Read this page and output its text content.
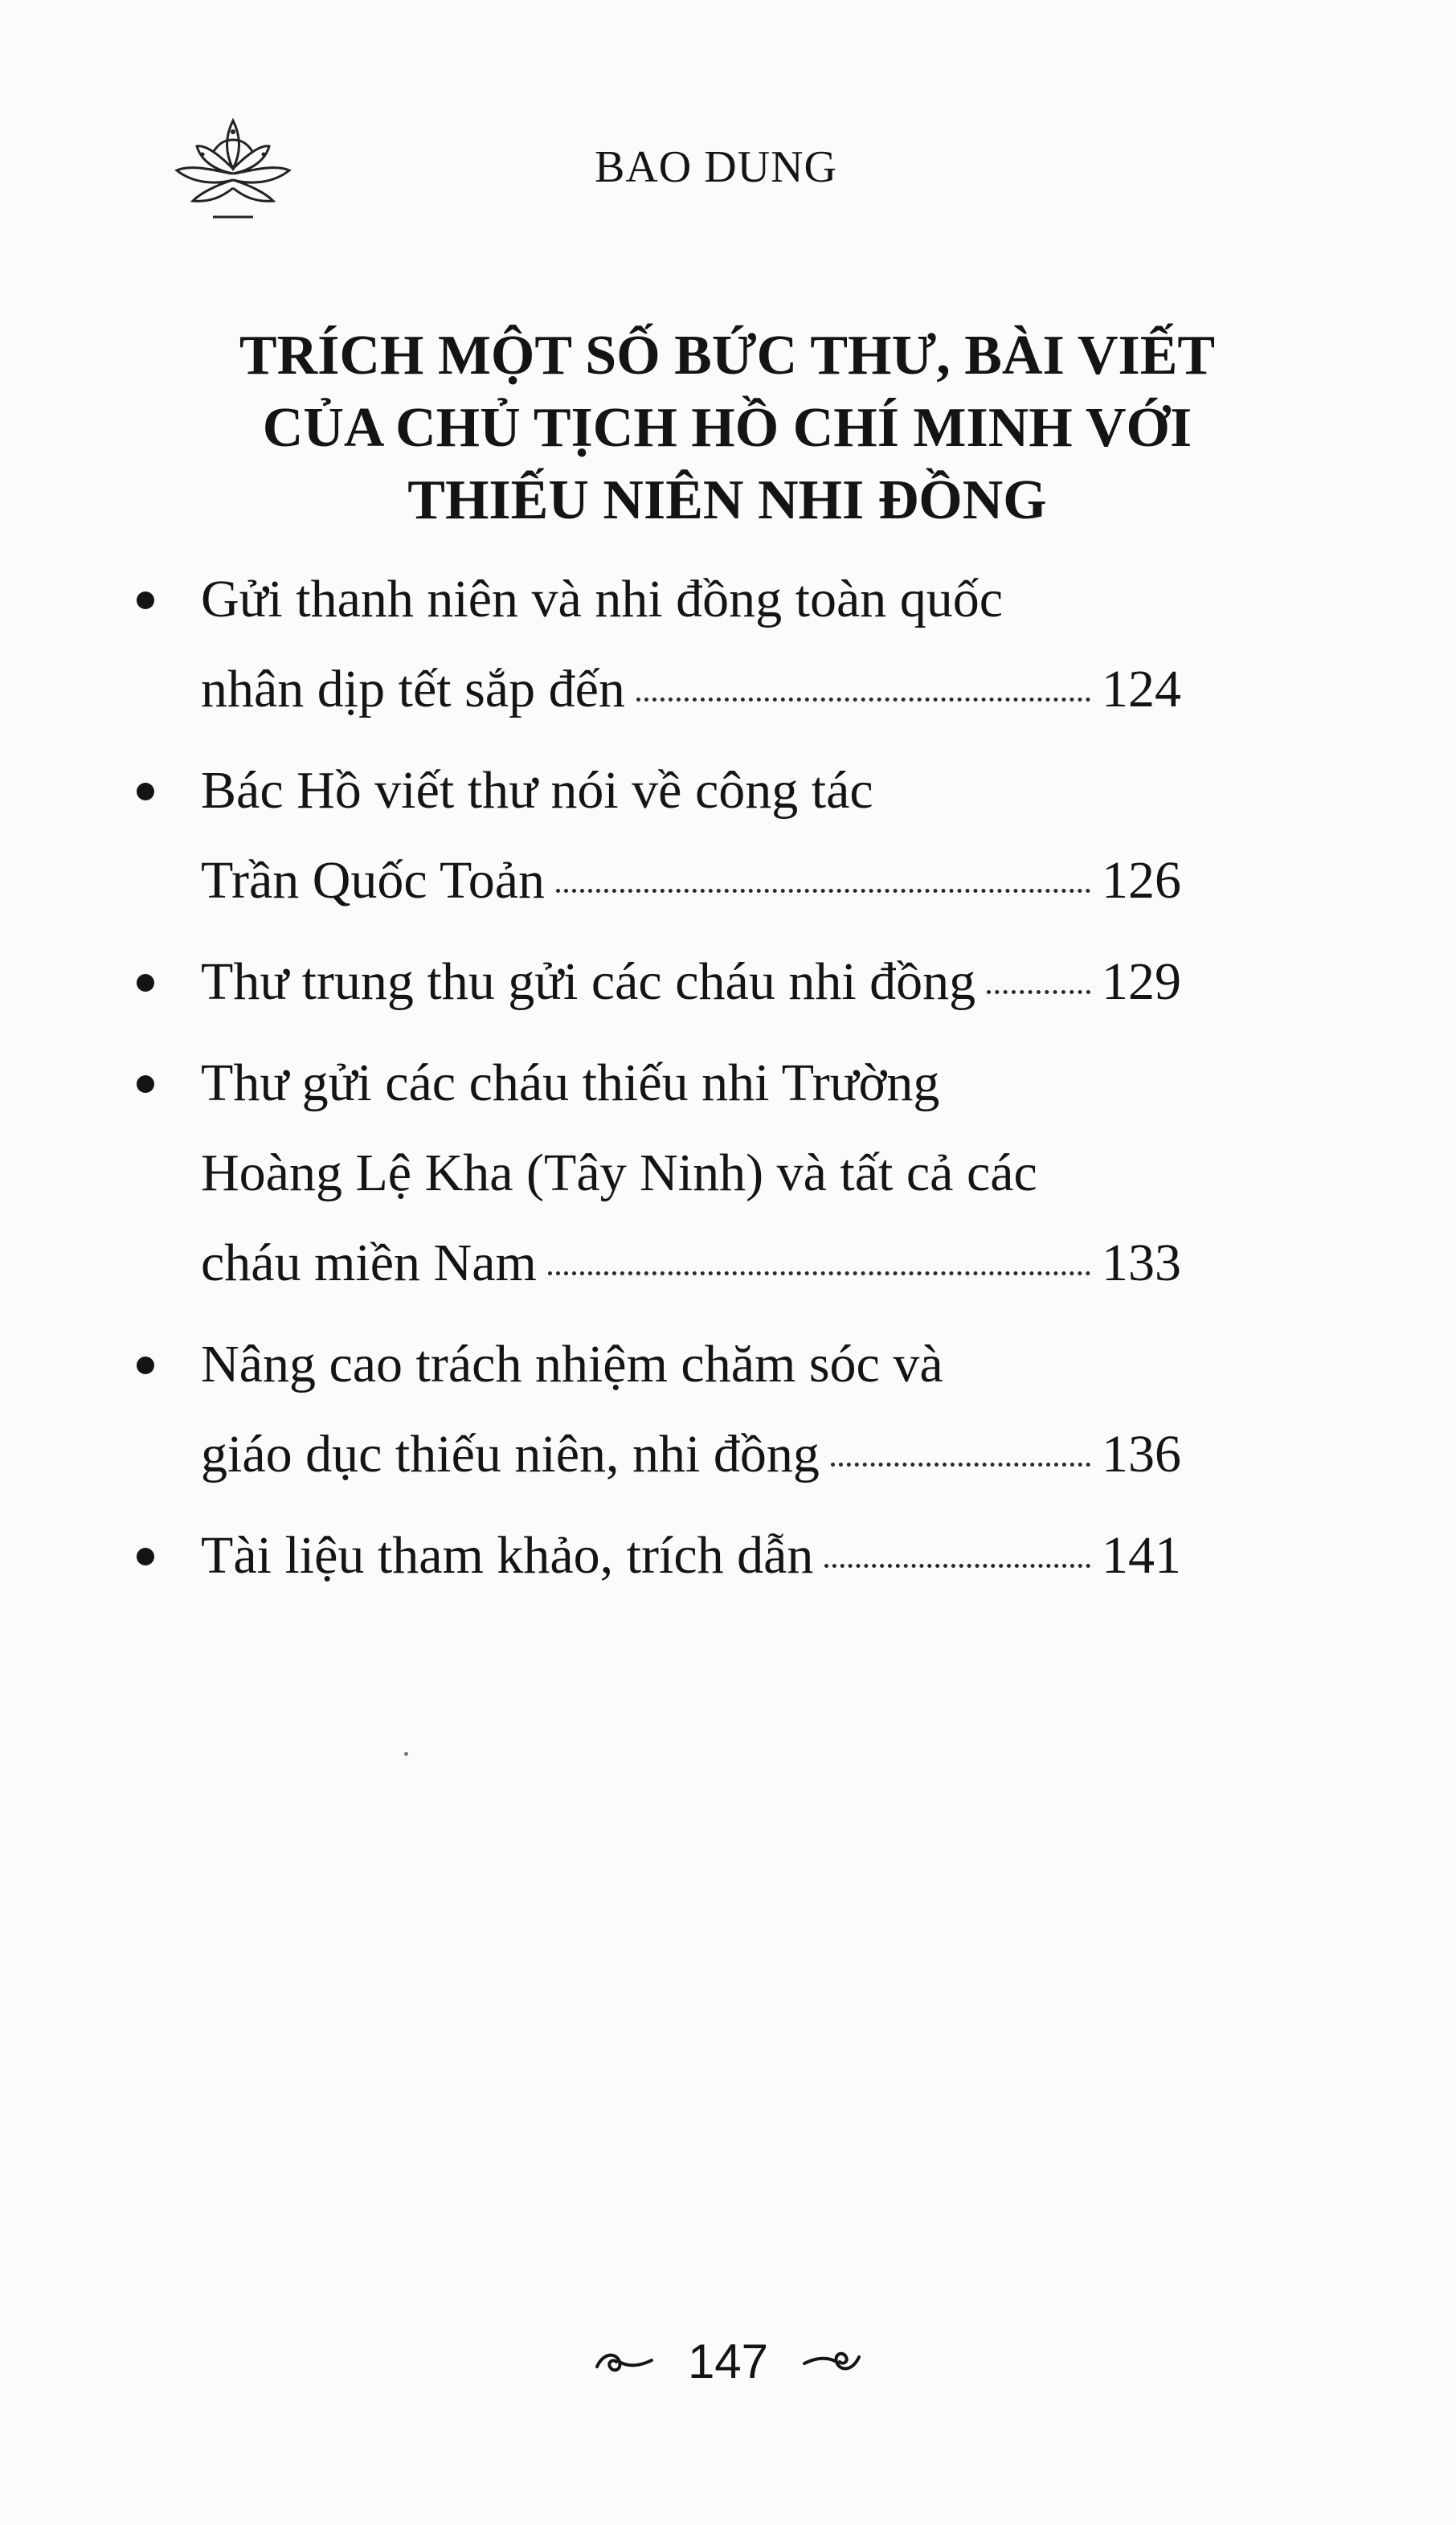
BAO DUNG
TRÍCH MỘT SỐ BỨC THƯ, BÀI VIẾT
CỦA CHỦ TỊCH HỒ CHÍ MINH VỚI
THIẾU NIÊN NHI ĐỒNG
Gửi thanh niên và nhi đồng toàn quốc
nhân dịp tết sắp đến	124
Bác Hồ viết thư nói về công tác
Trần Quốc Toản	126
Thư trung thu gửi các cháu nhi đồng 129
Thư gửi các cháu thiếu nhi Trường
Hoàng Lệ Kha (Tây Ninh) và tất cả các
cháu miền Nam	133
Nâng cao trách nhiệm chăm sóc và
giáo dục thiếu niên, nhi đồng	136
Tài liệu tham khảo, trích dẫn	141
147
